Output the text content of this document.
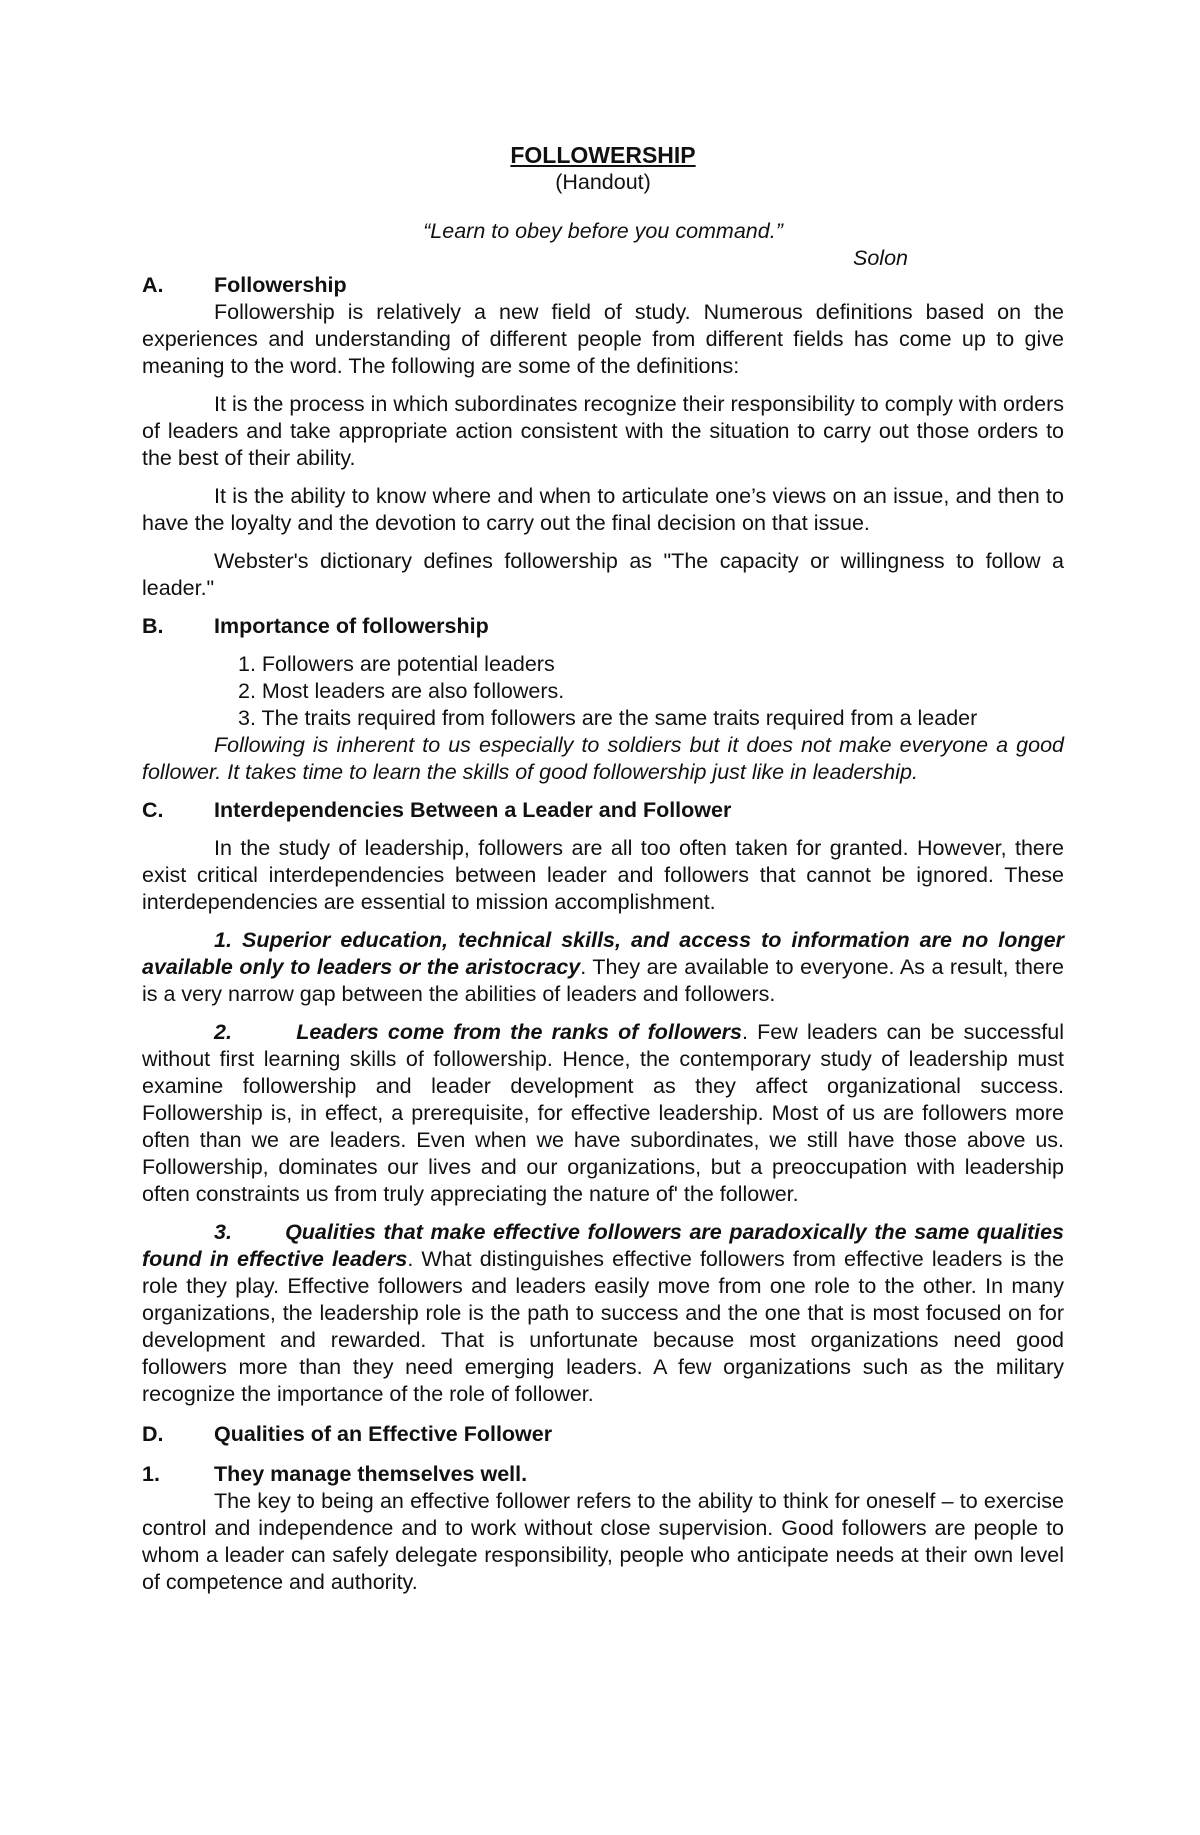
FOLLOWERSHIP
(Handout)
“Learn to obey before you command.”
Solon
A.	Followership
Followership is relatively a new field of study. Numerous definitions based on the experiences and understanding of different people from different fields has come up to give meaning to the word. The following are some of the definitions:
It is the process in which subordinates recognize their responsibility to comply with orders of leaders and take appropriate action consistent with the situation to carry out those orders to the best of their ability.
It is the ability to know where and when to articulate one’s views on an issue, and then to have the loyalty and the devotion to carry out the final decision on that issue.
Webster's dictionary defines followership as "The capacity or willingness to follow a leader."
B.	Importance of followership
1. Followers are potential leaders
2. Most leaders are also followers.
3. The traits required from followers are the same traits required from a leader
Following is inherent to us especially to soldiers but it does not make everyone a good follower. It takes time to learn the skills of good followership just like in leadership.
C.	Interdependencies Between a Leader and Follower
In the study of leadership, followers are all too often taken for granted. However, there exist critical interdependencies between leader and followers that cannot be ignored. These interdependencies are essential to mission accomplishment.
1. Superior education, technical skills, and access to information are no longer available only to leaders or the aristocracy. They are available to everyone. As a result, there is a very narrow gap between the abilities of leaders and followers.
2.	Leaders come from the ranks of followers. Few leaders can be successful without first learning skills of followership. Hence, the contemporary study of leadership must examine followership and leader development as they affect organizational success. Followership is, in effect, a prerequisite, for effective leadership. Most of us are followers more often than we are leaders. Even when we have subordinates, we still have those above us. Followership, dominates our lives and our organizations, but a preoccupation with leadership often constraints us from truly appreciating the nature of' the follower.
3. Qualities that make effective followers are paradoxically the same qualities found in effective leaders. What distinguishes effective followers from effective leaders is the role they play. Effective followers and leaders easily move from one role to the other. In many organizations, the leadership role is the path to success and the one that is most focused on for development and rewarded. That is unfortunate because most organizations need good followers more than they need emerging leaders. A few organizations such as the military recognize the importance of the role of follower.
D.	Qualities of an Effective Follower
1.	They manage themselves well.
The key to being an effective follower refers to the ability to think for oneself – to exercise control and independence and to work without close supervision. Good followers are people to whom a leader can safely delegate responsibility, people who anticipate needs at their own level of competence and authority.
